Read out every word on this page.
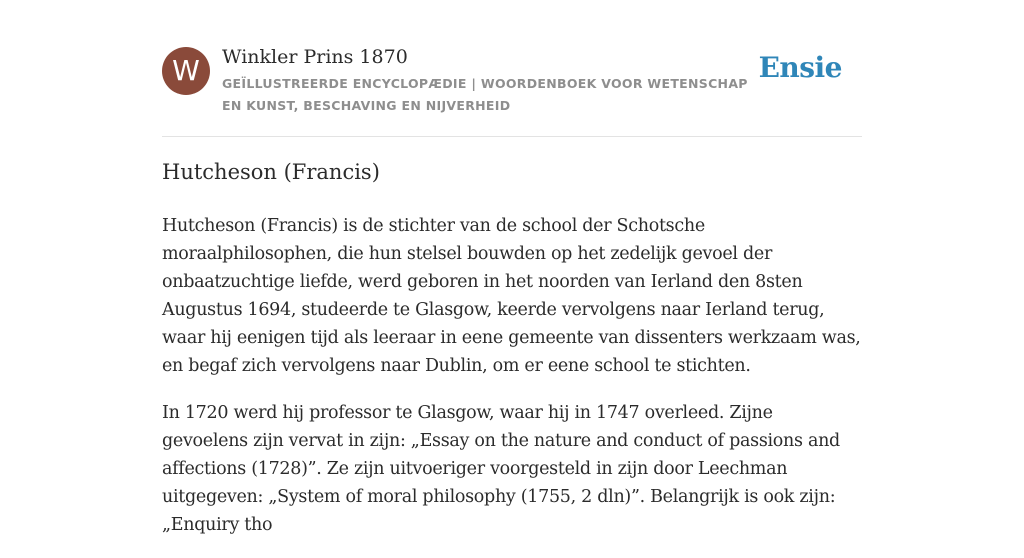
W	Winkler Prins 1870
GEÏLLUSTREERDE ENCYCLOPÆDIE | WOORDENBOEK VOOR WETENSCHAP EN KUNST, BESCHAVING EN NIJVERHEID
Ensie
Hutcheson (Francis)

Hutcheson (Francis) is de stichter van de school der Schotsche moraalphilosophen, die hun stelsel bouwden op het zedelijk gevoel der onbaatzuchtige liefde, werd geboren in het noorden van Ierland den 8sten Augustus 1694, studeerde te Glasgow, keerde vervolgens naar Ierland terug, waar hij eenigen tijd als leeraar in eene gemeente van dissenters werkzaam was, en begaf zich vervolgens naar Dublin, om er eene school te stichten.

In 1720 werd hij professor te Glasgow, waar hij in 1747 overleed. Zijne gevoelens zijn vervat in zijn: „Essay on the nature and conduct of passions and affections (1728)”. Ze zijn uitvoeriger voorgesteld in zijn door Leechman uitgegeven: „System of moral philosophy (1755, 2 dln)”. Belangrijk is ook zijn: „Enquiry tho
